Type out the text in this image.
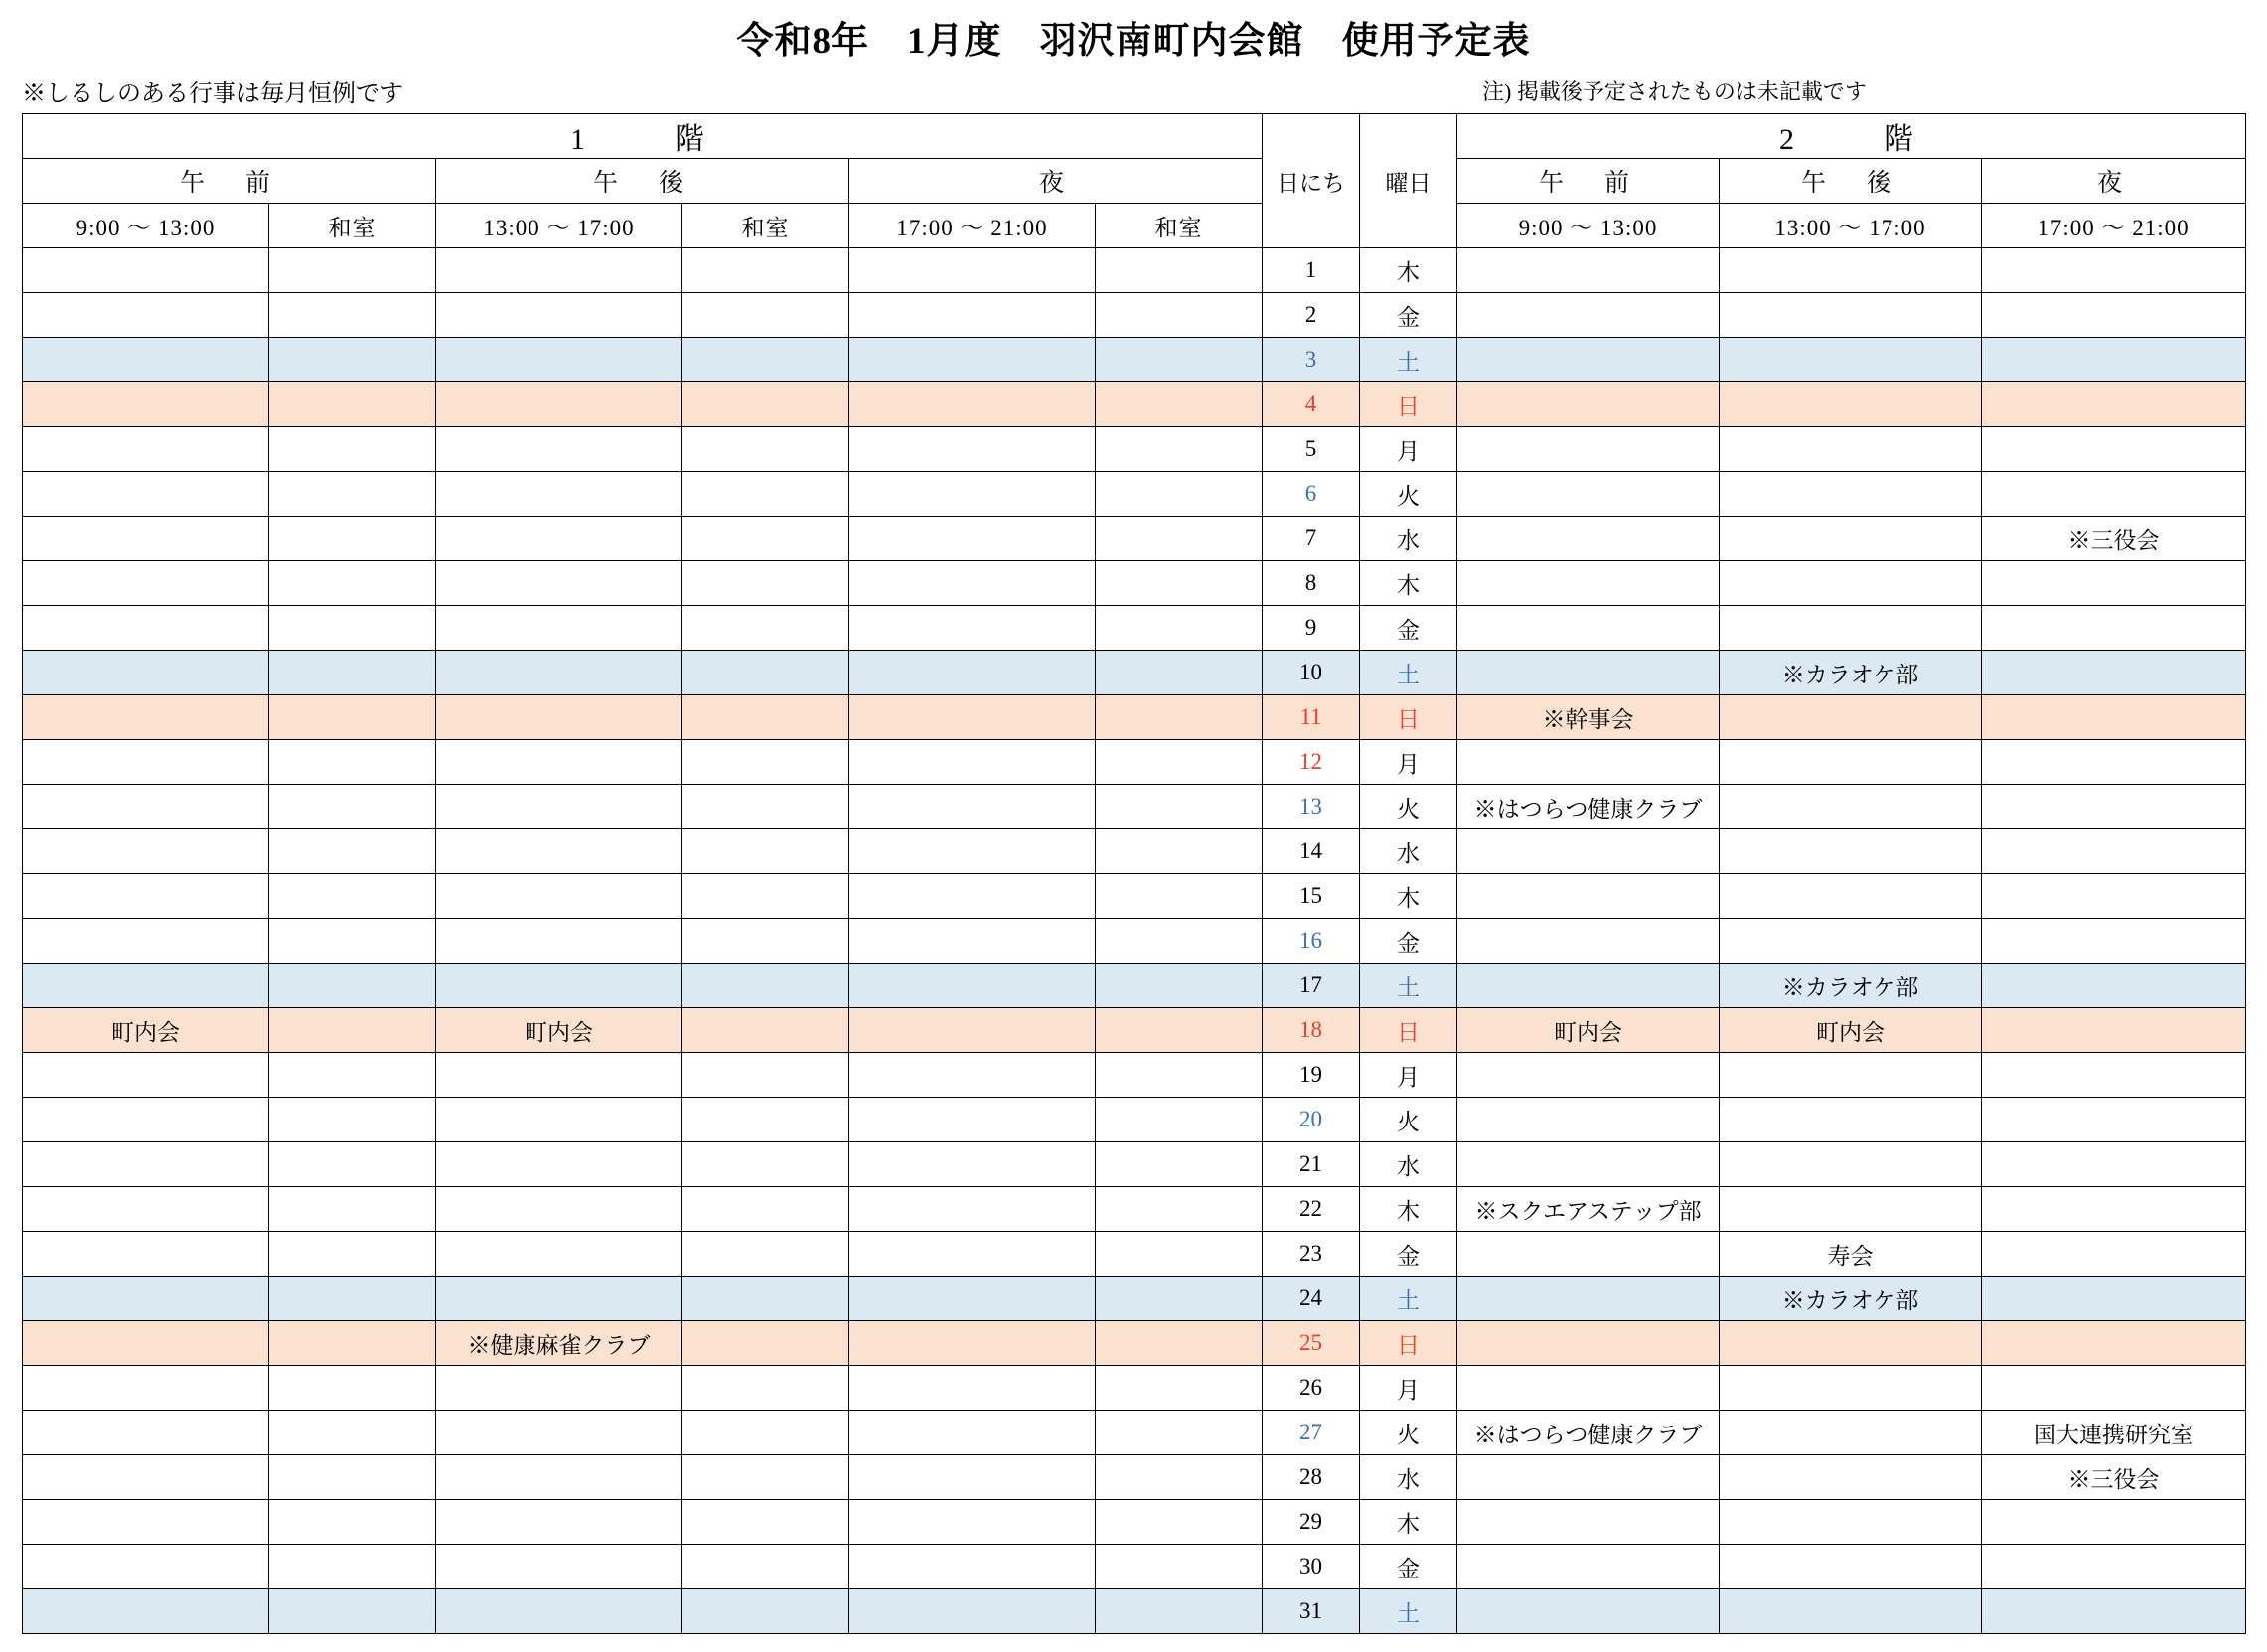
令和8年　1月度　羽沢南町内会館　使用予定表
※しるしのある行事は毎月恒例です	注) 掲載後予定されたものは未記載です
1　　階						日にち	曜日	2　　階		
午　前		午　後		夜				午　前	午　後	夜
9:00 〜 13:00	和室	13:00 〜 17:00	和室	17:00 〜 21:00	和室			9:00 〜 13:00	13:00 〜 17:00	17:00 〜 21:00
						1	木			
						2	金			
						3	土			
						4	日			
						5	月			
						6	火			
						7	水			※三役会
						8	木			
						9	金			
						10	土		※カラオケ部	
						11	日	※幹事会		
						12	月			
						13	火	※はつらつ健康クラブ		
						14	水			
						15	木			
						16	金			
						17	土		※カラオケ部	
町内会		町内会				18	日	町内会	町内会	
						19	月			
						20	火			
						21	水			
						22	木	※スクエアステップ部		
						23	金		寿会	
						24	土		※カラオケ部	
		※健康麻雀クラブ				25	日			
						26	月			
						27	火	※はつらつ健康クラブ		国大連携研究室
						28	水			※三役会
						29	木			
						30	金			
						31	土			
